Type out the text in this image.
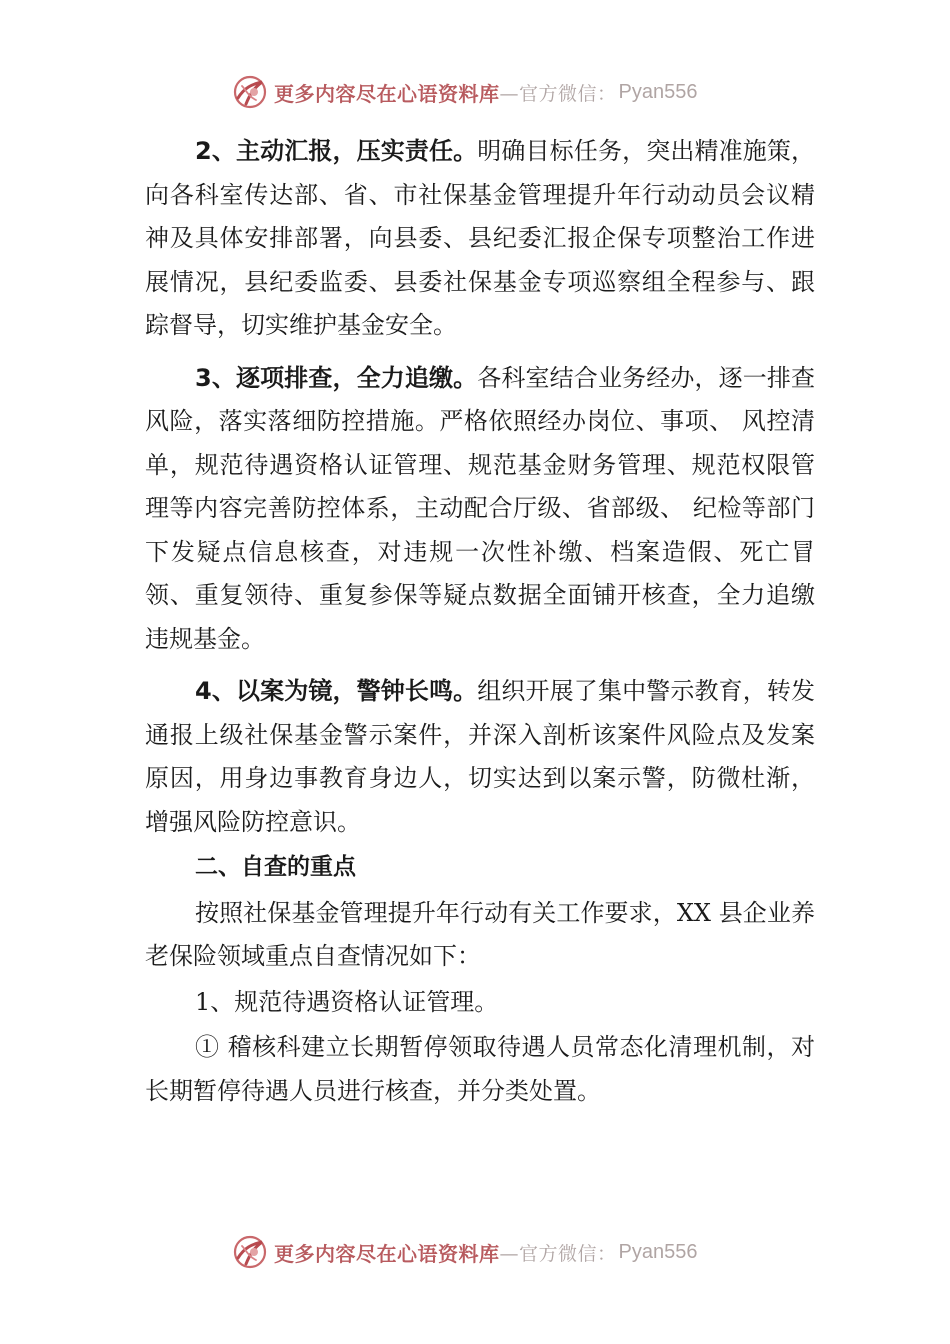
更多内容尽在心语资料库 —官方微信： Pyan556

2、主动汇报，压实责任。明确目标任务，突出精准施策，向各科室传达部、省、市社保基金管理提升年行动动员会议精神及具体安排部署，向县委、县纪委汇报企保专项整治工作进展情况，县纪委监委、县委社保基金专项巡察组全程参与、跟踪督导，切实维护基金安全。

3、逐项排查，全力追缴。各科室结合业务经办，逐一排查风险，落实落细防控措施。严格依照经办岗位、事项、 风控清单，规范待遇资格认证管理、规范基金财务管理、规范权限管理等内容完善防控体系，主动配合厅级、省部级、 纪检等部门下发疑点信息核查，对违规一次性补缴、档案造假、死亡冒领、重复领待、重复参保等疑点数据全面铺开核查，全力追缴违规基金。

4、以案为镜，警钟长鸣。组织开展了集中警示教育，转发通报上级社保基金警示案件，并深入剖析该案件风险点及发案原因，用身边事教育身边人，切实达到以案示警，防微杜渐，增强风险防控意识。

二、自查的重点

按照社保基金管理提升年行动有关工作要求，XX 县企业养老保险领域重点自查情况如下：

1、规范待遇资格认证管理。

① 稽核科建立长期暂停领取待遇人员常态化清理机制，对长期暂停待遇人员进行核查，并分类处置。

更多内容尽在心语资料库 —官方微信： Pyan556
